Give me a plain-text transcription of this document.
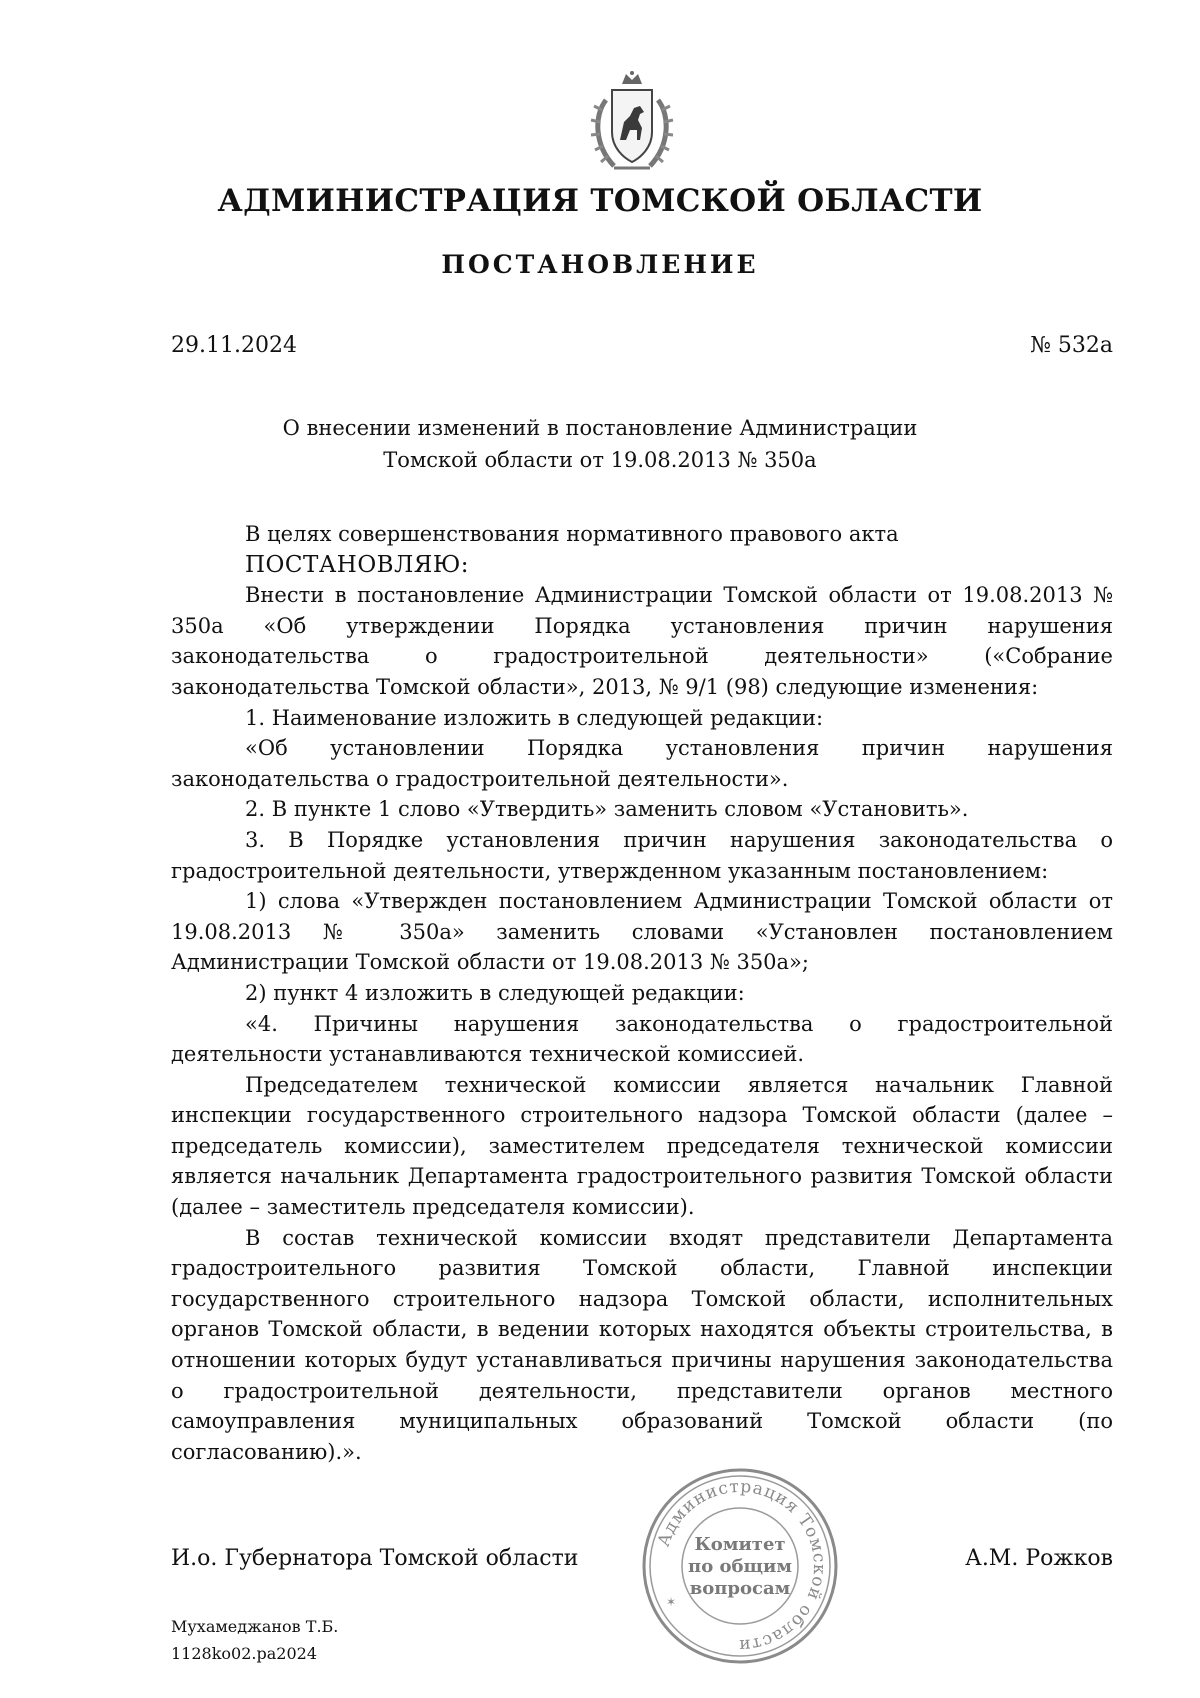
АДМИНИСТРАЦИЯ ТОМСКОЙ ОБЛАСТИ
ПОСТАНОВЛЕНИЕ
29.11.2024	№ 532а
О внесении изменений в постановление Администрации
Томской области от 19.08.2013 № 350а

В целях совершенствования нормативного правового акта

ПОСТАНОВЛЯЮ:

Внести в постановление Администрации Томской области от 19.08.2013 № 350а «Об утверждении Порядка установления причин нарушения законодательства о градостроительной деятельности» («Собрание законодательства Томской области», 2013, № 9/1 (98) следующие изменения:

1. Наименование изложить в следующей редакции:

«Об установлении Порядка установления причин нарушения законодательства о градостроительной деятельности».

2. В пункте 1 слово «Утвердить» заменить словом «Установить».

3. В Порядке установления причин нарушения законодательства о градостроительной деятельности, утвержденном указанным постановлением:

1) слова «Утвержден постановлением Администрации Томской области от 19.08.2013 № 350а» заменить словами «Установлен постановлением Администрации Томской области от 19.08.2013 № 350а»;

2) пункт 4 изложить в следующей редакции:

«4. Причины нарушения законодательства о градостроительной деятельности устанавливаются технической комиссией.

Председателем технической комиссии является начальник Главной инспекции государственного строительного надзора Томской области (далее – председатель комиссии), заместителем председателя технической комиссии является начальник Департамента градостроительного развития Томской области (далее – заместитель председателя комиссии).

В состав технической комиссии входят представители Департамента градостроительного развития Томской области, Главной инспекции государственного строительного надзора Томской области, исполнительных органов Томской области, в ведении которых находятся объекты строительства, в отношении которых будут устанавливаться причины нарушения законодательства о градостроительной деятельности, представители органов местного самоуправления муниципальных образований Томской области (по согласованию).».

И.о. Губернатора Томской области	А.М. Рожков
Администрация Томской области
Комитет
по общим
вопросам
✶
Мухамеджанов Т.Б.
1128ko02.pa2024
